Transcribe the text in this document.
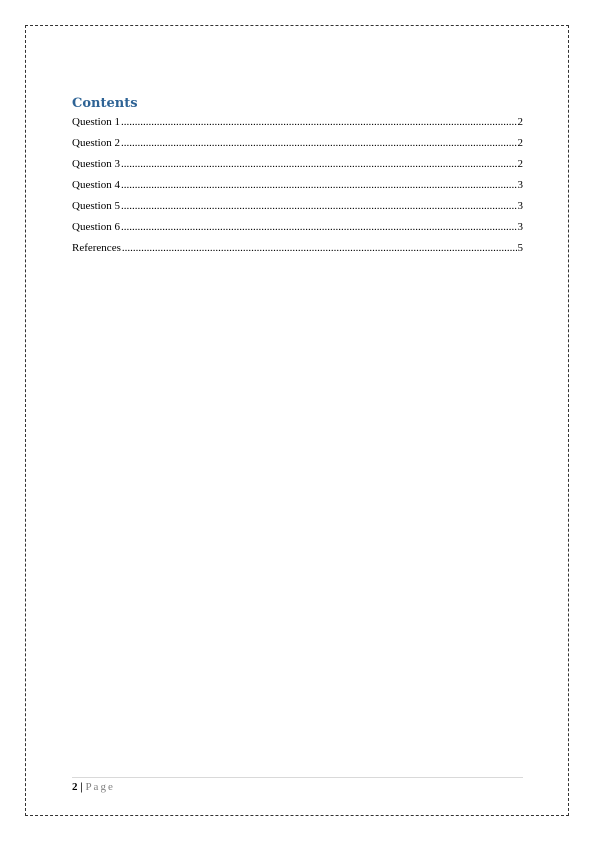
Contents
Question 1 .....	2
Question 2 .....	2
Question 3 .....	2
Question 4 .....	3
Question 5 .....	3
Question 6 .....	3
References .....	5
2 | Page
